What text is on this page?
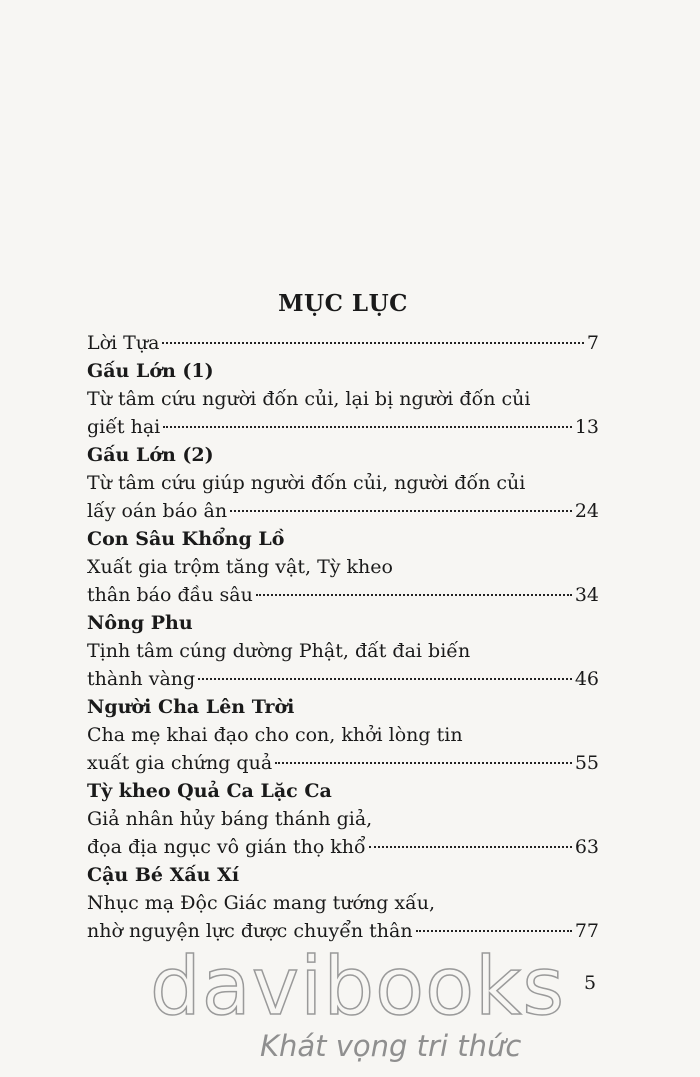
MỤC LỤC
Lời Tựa	7
Gấu Lớn (1)
Từ tâm cứu người đốn củi, lại bị người đốn củi
giết hại	13
Gấu Lớn (2)
Từ tâm cứu giúp người đốn củi, người đốn củi
lấy oán báo ân	24
Con Sâu Khổng Lồ
Xuất gia trộm tăng vật, Tỳ kheo
thân báo đầu sâu	34
Nông Phu
Tịnh tâm cúng dường Phật, đất đai biến
thành vàng	46
Người Cha Lên Trời
Cha mẹ khai đạo cho con, khởi lòng tin
xuất gia chứng quả	55
Tỳ kheo Quả Ca Lặc Ca
Giả nhân hủy báng thánh giả,
đọa địa ngục vô gián thọ khổ	63
Cậu Bé Xấu Xí
Nhục mạ Độc Giác mang tướng xấu,
nhờ nguyện lực được chuyển thân	77
5
davibooks
Khát vọng tri thức
